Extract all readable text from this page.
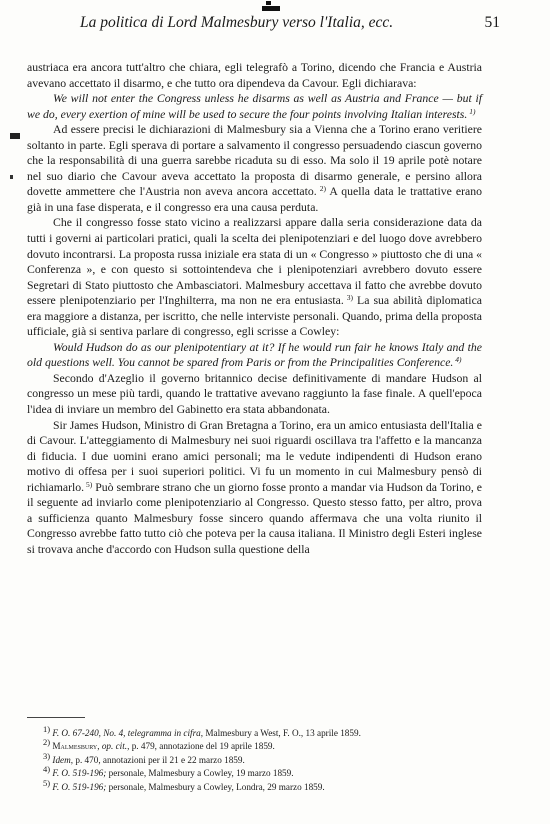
La politica di Lord Malmesbury verso l'Italia, ecc.	51

austriaca era ancora tutt'altro che chiara, egli telegrafò a Torino, dicendo che Francia e Austria avevano accettato il disarmo, e che tutto ora dipendeva da Cavour. Egli dichiarava:

We will not enter the Congress unless he disarms as well as Austria and France — but if we do, every exertion of mine will be used to secure the four points involving Italian interests. $^{1)}$

Ad essere precisi le dichiarazioni di Malmesbury sia a Vienna che a Torino erano veritiere soltanto in parte. Egli sperava di portare a salvamento il congresso persuadendo ciascun governo che la responsabilità di una guerra sarebbe ricaduta su di esso. Ma solo il 19 aprile potè notare nel suo diario che Cavour aveva accettato la proposta di disarmo generale, e persino allora dovette ammettere che l'Austria non aveva ancora accettato. $^{2)}$ A quella data le trattative erano già in una fase disperata, e il congresso era una causa perduta.

Che il congresso fosse stato vicino a realizzarsi appare dalla seria considerazione data da tutti i governi ai particolari pratici, quali la scelta dei plenipotenziari e del luogo dove avrebbero dovuto incontrarsi. La proposta russa iniziale era stata di un « Congresso » piuttosto che di una « Conferenza », e con questo si sottointendeva che i plenipotenziari avrebbero dovuto essere Segretari di Stato piuttosto che Ambasciatori. Malmesbury accettava il fatto che avrebbe dovuto essere plenipotenziario per l'Inghilterra, ma non ne era entusiasta. $^{3)}$ La sua abilità diplomatica era maggiore a distanza, per iscritto, che nelle interviste personali. Quando, prima della proposta ufficiale, già si sentiva parlare di congresso, egli scrisse a Cowley:

Would Hudson do as our plenipotentiary at it? If he would run fair he knows Italy and the old questions well. You cannot be spared from Paris or from the Principalities Conference. $^{4)}$

Secondo d'Azeglio il governo britannico decise definitivamente di mandare Hudson al congresso un mese più tardi, quando le trattative avevano raggiunto la fase finale. A quell'epoca l'idea di inviare un membro del Gabinetto era stata abbandonata.

Sir James Hudson, Ministro di Gran Bretagna a Torino, era un amico entusiasta dell'Italia e di Cavour. L'atteggiamento di Malmesbury nei suoi riguardi oscillava tra l'affetto e la mancanza di fiducia. I due uomini erano amici personali; ma le vedute indipendenti di Hudson erano motivo di offesa per i suoi superiori politici. Vi fu un momento in cui Malmesbury pensò di richiamarlo. $^{5)}$ Può sembrare strano che un giorno fosse pronto a mandar via Hudson da Torino, e il seguente ad inviarlo come plenipotenziario al Congresso. Questo stesso fatto, per altro, prova a sufficienza quanto Malmesbury fosse sincero quando affermava che una volta riunito il Congresso avrebbe fatto tutto ciò che poteva per la causa italiana. Il Ministro degli Esteri inglese si trovava anche d'accordo con Hudson sulla questione della

$^{1)}$ F. O. 67-240, No. 4, telegramma in cifra, Malmesbury a West, F. O., 13 aprile 1859.

$^{2)}$ Malmesbury, op. cit., p. 479, annotazione del 19 aprile 1859.

$^{3)}$ Idem, p. 470, annotazioni per il 21 e 22 marzo 1859.

$^{4)}$ F. O. 519-196; personale, Malmesbury a Cowley, 19 marzo 1859.

$^{5)}$ F. O. 519-196; personale, Malmesbury a Cowley, Londra, 29 marzo 1859.
